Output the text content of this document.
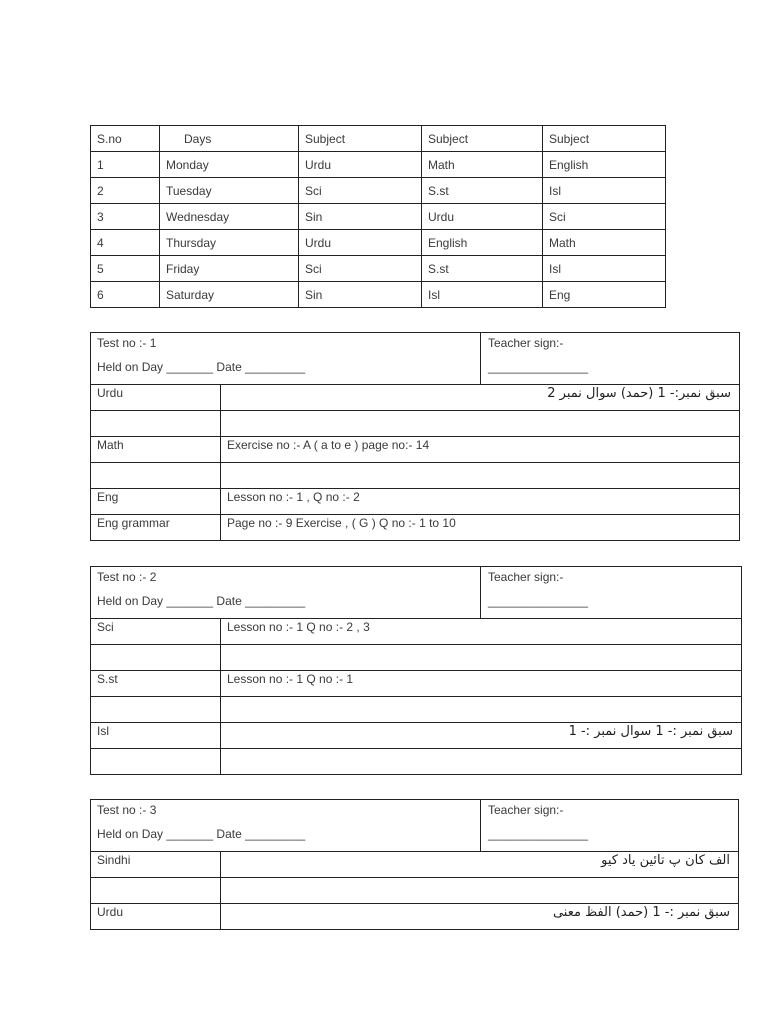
S.no	Days	Subject	Subject	Subject
1	Monday	Urdu	Math	English
2	Tuesday	Sci	S.st	Isl
3	Wednesday	Sin	Urdu	Sci
4	Thursday	Urdu	English	Math
5	Friday	Sci	S.st	Isl
6	Saturday	Sin	Isl	Eng
Test no :- 1
Held on Day _______ Date _________
Teacher sign:-
_______________
Urdu	سبق نمبر:- 1 (حمد) سوال نمبر 2
Math	Exercise no :- A ( a to e ) page no:- 14
Eng	Lesson no :- 1 , Q no :- 2
Eng grammar	Page no :- 9 Exercise , ( G ) Q no :- 1 to 10
Test no :- 2
Held on Day _______ Date _________
Teacher sign:-
_______________
Sci	Lesson no :- 1 Q no :- 2 , 3
S.st	Lesson no :- 1 Q no :- 1
Isl	سبق نمبر :- 1 سوال نمبر :- 1
Test no :- 3
Held on Day _______ Date _________
Teacher sign:-
_______________
Sindhi	الف کان پ تائين ياد کيو
Urdu	سبق نمبر :- 1 (حمد) الفظ معنی
